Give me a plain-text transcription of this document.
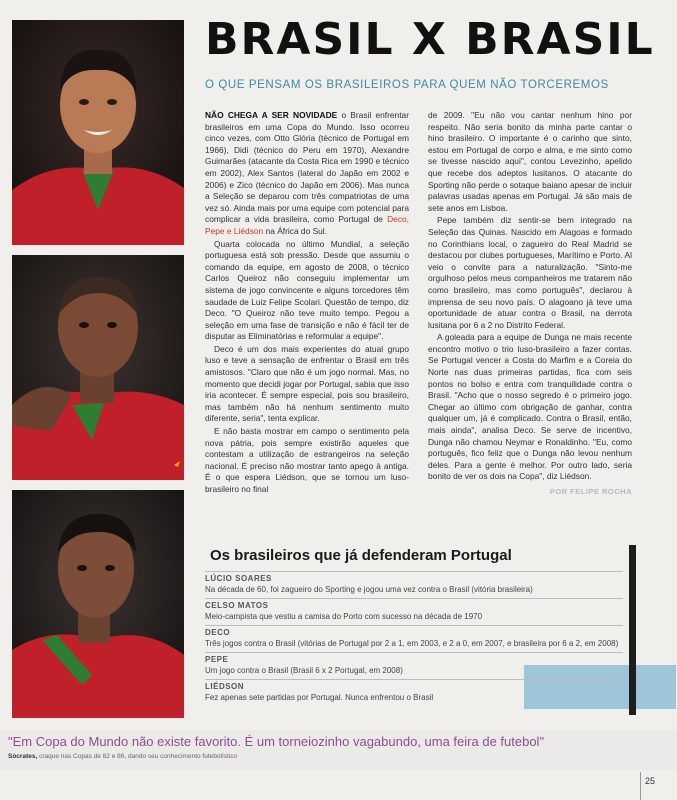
BRASIL X BRASIL
O QUE PENSAM OS BRASILEIROS PARA QUEM NÃO TORCEREMOS

NÃO CHEGA A SER NOVIDADE o Brasil enfrentar brasileiros em uma Copa do Mundo. Isso ocorreu cinco vezes, com Otto Glória (técnico de Portugal em 1966), Didi (técnico do Peru em 1970), Alexandre Guimarães (atacante da Costa Rica em 1990 e técnico em 2002), Alex Santos (lateral do Japão em 2002 e 2006) e Zico (técnico do Japão em 2006). Mas nunca a Seleção se deparou com três compatriotas de uma vez só. Ainda mais por uma equipe com potencial para complicar a vida brasileira, como Portugal de Deco, Pepe e Liédson na África do Sul.

Quarta colocada no último Mundial, a seleção portuguesa está sob pressão. Desde que assumiu o comando da equipe, em agosto de 2008, o técnico Carlos Queiroz não conseguiu implementar um sistema de jogo convincente e alguns torcedores têm saudade de Luiz Felipe Scolari. Questão de tempo, diz Deco. "O Queiroz não teve muito tempo. Pegou a seleção em uma fase de transição e não é fácil ter de disputar as Eliminatórias e reformular a equipe".

Deco é um dos mais experientes do atual grupo luso e teve a sensação de enfrentar o Brasil em três amistosos. "Claro que não é um jogo normal. Mas, no momento que decidi jogar por Portugal, sabia que isso iria acontecer. É sempre especial, pois sou brasileiro, mas também não há nenhum sentimento muito diferente, seria", tenta explicar.

E não basta mostrar em campo o sentimento pela nova pátria, pois sempre existirão aqueles que contestam a utilização de estrangeiros na seleção nacional. É preciso não mostrar tanto apego à antiga. É o que espera Liédson, que se tornou um luso-brasileiro no final

de 2009. "Eu não vou cantar nenhum hino por respeito. Não seria bonito da minha parte cantar o hino brasileiro. O importante é o carinho que sinto, estou em Portugal de corpo e alma, e me sinto como se tivesse nascido aqui", contou Levezinho, apelido que recebe dos adeptos lusitanos. O atacante do Sporting não perde o sotaque baiano apesar de incluir palavras usadas apenas em Portugal. Já são mais de sete anos em Lisboa.

Pepe também diz sentir-se bem integrado na Seleção das Quinas. Nascido em Alagoas e formado no Corinthians local, o zagueiro do Real Madrid se destacou por clubes portugueses, Marítimo e Porto. Al veio o convite para a naturalização. "Sinto-me orgulhoso pelos meus companheiros me tratarem não como brasileiro, mas como português", declarou à imprensa de seu novo país. O alagoano já teve uma oportunidade de atuar contra o Brasil, na derrota lusitana por 6 a 2 no Distrito Federal.

A goleada para a equipe de Dunga ne mais recente encontro motivo o trio luso-brasileiro a fazer contas. Se Portugal vencer a Costa do Marfim e a Coreia do Norte nas duas primeiras partidas, fica com seis pontos no bolso e entra com tranquilidade contra o Brasil. "Acho que o nosso segredo é o primeiro jogo. Chegar ao último com obrigação de ganhar, contra qualquer um, já é complicado. Contra o Brasil, então, mais ainda", analisa Deco. Se serve de incentivo, Dunga não chamou Neymar e Ronaldinho. "Eu, como português, fico feliz que o Dunga não levou nenhum deles. Para a gente é melhor. Por outro lado, seria bonito de ver os dois na Copa", diz Liédson.

POR FELIPE ROCHA
Os brasileiros que já defenderam Portugal
LÚCIO SOARES
Na década de 60, foi zagueiro do Sporting e jogou uma vez contra o Brasil (vitória brasileira)
CELSO MATOS
Meio-campista que vestiu a camisa do Porto com sucesso na década de 1970
DECO
Três jogos contra o Brasil (vitórias de Portugal por 2 a 1, em 2003, e 2 a 0, em 2007, e brasileira por 6 a 2, em 2008)
PEPE
Um jogo contra o Brasil (Brasil 6 x 2 Portugal, em 2008)
LIÉDSON
Fez apenas sete partidas por Portugal. Nunca enfrentou o Brasil
"Em Copa do Mundo não existe favorito. É um torneiozinho vagabundo, uma feira de futebol"
Sócrates, craque nas Copas de 82 e 86, dando seu conhecimento futebolístico
25
